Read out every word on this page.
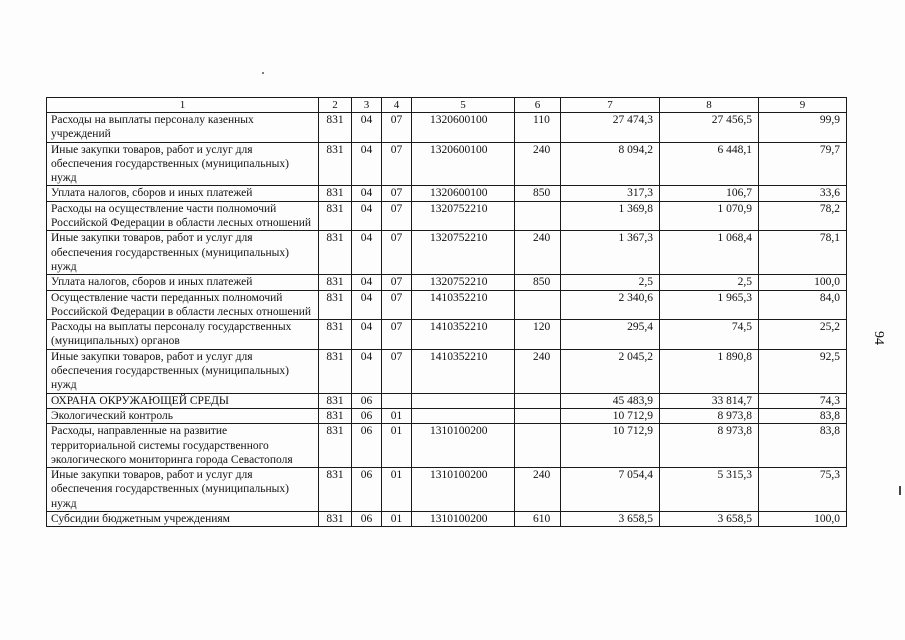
1	2	3	4	5	6	7	8	9
Расходы на выплаты персоналу казенных учреждений	831	04	07	1320600100	110	27 474,3	27 456,5	99,9
Иные закупки товаров, работ и услуг для обеспечения государственных (муниципальных) нужд	831	04	07	1320600100	240	8 094,2	6 448,1	79,7
Уплата налогов, сборов и иных платежей	831	04	07	1320600100	850	317,3	106,7	33,6
Расходы на осуществление части полномочий Российской Федерации в области лесных отношений	831	04	07	1320752210		1 369,8	1 070,9	78,2
Иные закупки товаров, работ и услуг для обеспечения государственных (муниципальных) нужд	831	04	07	1320752210	240	1 367,3	1 068,4	78,1
Уплата налогов, сборов и иных платежей	831	04	07	1320752210	850	2,5	2,5	100,0
Осуществление части переданных полномочий Российской Федерации в области лесных отношений	831	04	07	1410352210		2 340,6	1 965,3	84,0
Расходы на выплаты персоналу государственных (муниципальных) органов	831	04	07	1410352210	120	295,4	74,5	25,2
Иные закупки товаров, работ и услуг для обеспечения государственных (муниципальных) нужд	831	04	07	1410352210	240	2 045,2	1 890,8	92,5
ОХРАНА ОКРУЖАЮЩЕЙ СРЕДЫ	831	06				45 483,9	33 814,7	74,3
Экологический контроль	831	06	01			10 712,9	8 973,8	83,8
Расходы, направленные на развитие территориальной системы государственного экологического мониторинга города Севастополя	831	06	01	1310100200		10 712,9	8 973,8	83,8
Иные закупки товаров, работ и услуг для обеспечения государственных (муниципальных) нужд	831	06	01	1310100200	240	7 054,4	5 315,3	75,3
Субсидии бюджетным учреждениям	831	06	01	1310100200	610	3 658,5	3 658,5	100,0
94
